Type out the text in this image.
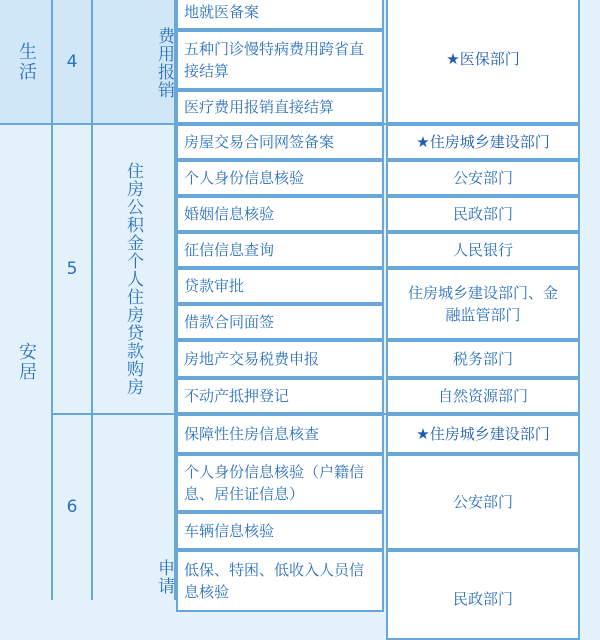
生活
安居
4
5
6
费用报销
住房公积金个人住房贷款购房
申请
地就医备案
五种门诊慢特病费用跨省直接结算
医疗费用报销直接结算
房屋交易合同网签备案
个人身份信息核验
婚姻信息核验
征信信息查询
贷款审批
借款合同面签
房地产交易税费申报
不动产抵押登记
保障性住房信息核查
个人身份信息核验（户籍信息、居住证信息）
车辆信息核验
低保、特困、低收入人员信息核验
★医保部门
★住房城乡建设部门
公安部门
民政部门
人民银行
住房城乡建设部门、金融监管部门
税务部门
自然资源部门
★住房城乡建设部门
公安部门
民政部门
